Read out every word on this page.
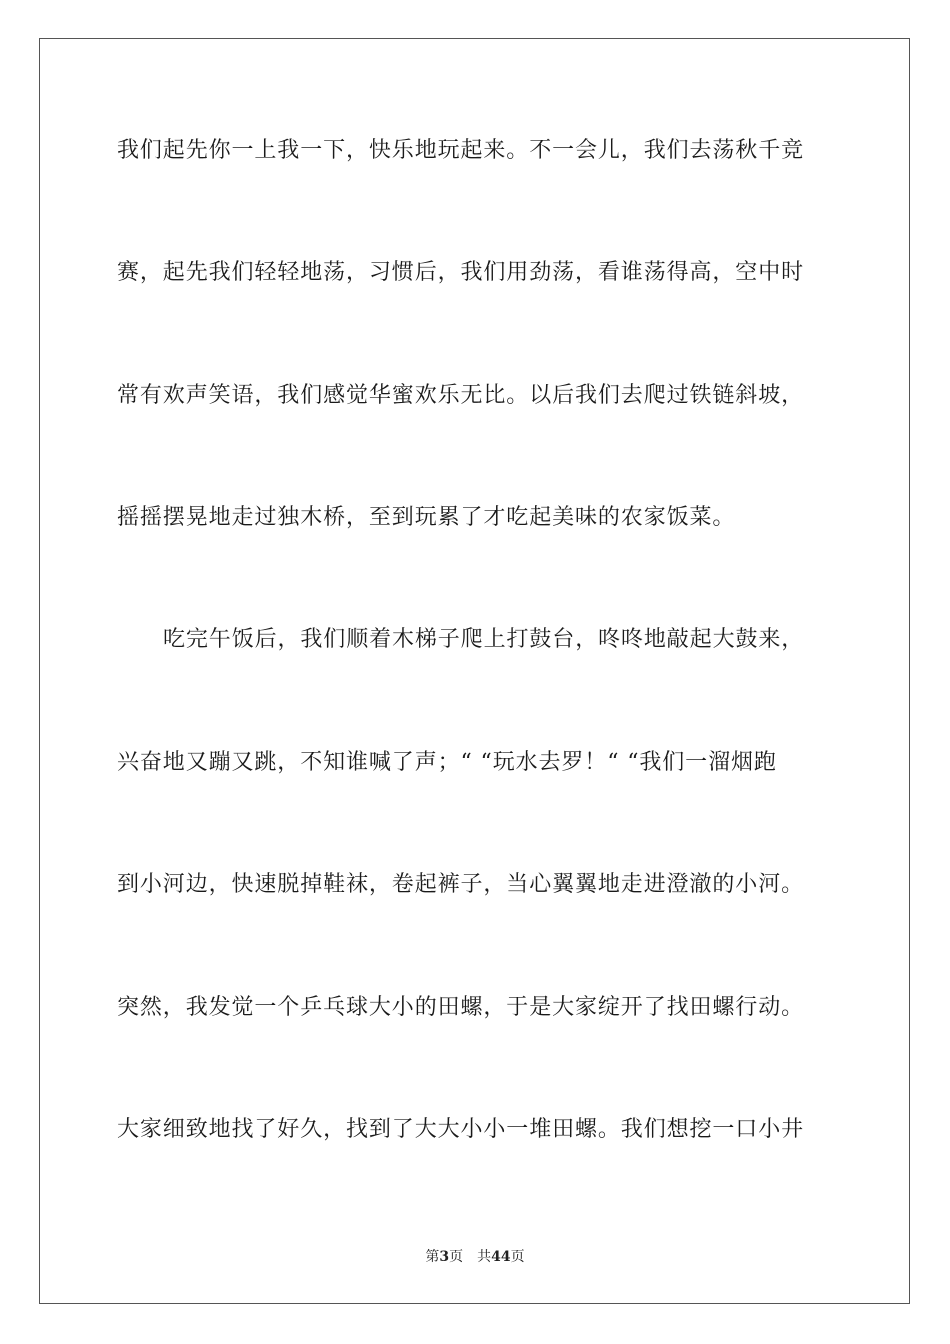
我们起先你一上我一下，快乐地玩起来。不一会儿，我们去荡秋千竞
赛，起先我们轻轻地荡，习惯后，我们用劲荡，看谁荡得高，空中时
常有欢声笑语，我们感觉华蜜欢乐无比。以后我们去爬过铁链斜坡，
摇摇摆晃地走过独木桥，至到玩累了才吃起美味的农家饭菜。
吃完午饭后，我们顺着木梯子爬上打鼓台，咚咚地敲起大鼓来，
兴奋地又蹦又跳，不知谁喊了声；“ “玩水去罗！“ “我们一溜烟跑
到小河边，快速脱掉鞋袜，卷起裤子，当心翼翼地走进澄澈的小河。
突然，我发觉一个乒乓球大小的田螺，于是大家绽开了找田螺行动。
大家细致地找了好久，找到了大大小小一堆田螺。我们想挖一口小井
第3页 共44页
